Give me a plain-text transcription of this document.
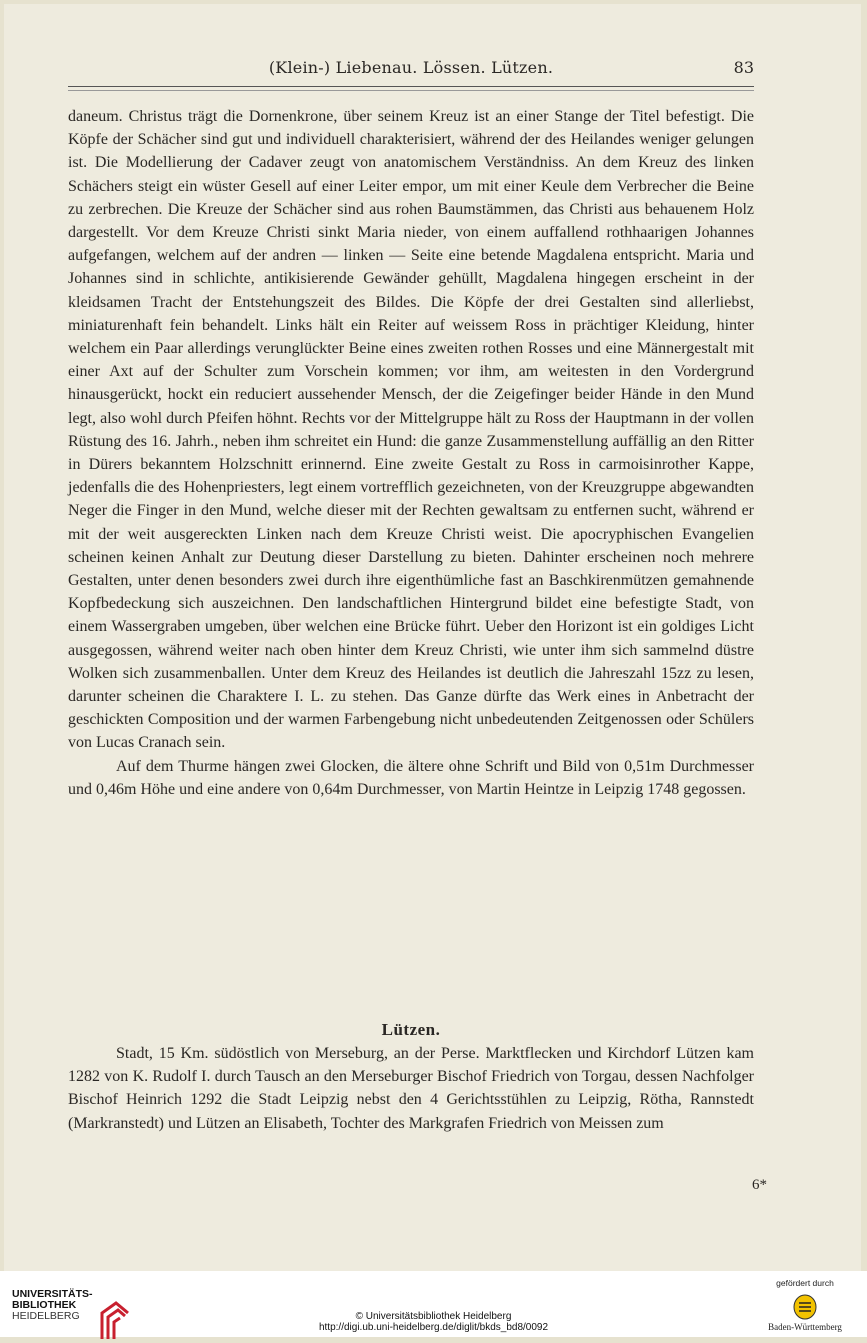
(Klein-) Liebenau. Lössen. Lützen.	83

daneum. Christus trägt die Dornenkrone, über seinem Kreuz ist an einer Stange der Titel befestigt. Die Köpfe der Schächer sind gut und individuell charakterisiert, während der des Heilandes weniger gelungen ist. Die Modellierung der Cadaver zeugt von anatomischem Verständniss. An dem Kreuz des linken Schächers steigt ein wüster Gesell auf einer Leiter empor, um mit einer Keule dem Verbrecher die Beine zu zerbrechen. Die Kreuze der Schächer sind aus rohen Baumstämmen, das Christi aus behauenem Holz dargestellt. Vor dem Kreuze Christi sinkt Maria nieder, von einem auffallend rothhaarigen Johannes aufgefangen, welchem auf der andren — linken — Seite eine betende Magdalena entspricht. Maria und Johannes sind in schlichte, antikisierende Gewänder gehüllt, Magdalena hingegen erscheint in der kleidsamen Tracht der Entstehungszeit des Bildes. Die Köpfe der drei Gestalten sind allerliebst, miniaturenhaft fein behandelt. Links hält ein Reiter auf weissem Ross in prächtiger Kleidung, hinter welchem ein Paar allerdings verunglückter Beine eines zweiten rothen Rosses und eine Männergestalt mit einer Axt auf der Schulter zum Vorschein kommen; vor ihm, am weitesten in den Vordergrund hinausgerückt, hockt ein reduciert aussehender Mensch, der die Zeigefinger beider Hände in den Mund legt, also wohl durch Pfeifen höhnt. Rechts vor der Mittelgruppe hält zu Ross der Hauptmann in der vollen Rüstung des 16. Jahrh., neben ihm schreitet ein Hund: die ganze Zusammenstellung auffällig an den Ritter in Dürers bekanntem Holzschnitt erinnernd. Eine zweite Gestalt zu Ross in carmoisinrother Kappe, jedenfalls die des Hohenpriesters, legt einem vortrefflich gezeichneten, von der Kreuzgruppe abgewandten Neger die Finger in den Mund, welche dieser mit der Rechten gewaltsam zu entfernen sucht, während er mit der weit ausgereckten Linken nach dem Kreuze Christi weist. Die apocryphischen Evangelien scheinen keinen Anhalt zur Deutung dieser Darstellung zu bieten. Dahinter erscheinen noch mehrere Gestalten, unter denen besonders zwei durch ihre eigenthümliche fast an Baschkirenmützen gemahnende Kopfbedeckung sich auszeichnen. Den landschaftlichen Hintergrund bildet eine befestigte Stadt, von einem Wassergraben umgeben, über welchen eine Brücke führt. Ueber den Horizont ist ein goldiges Licht ausgegossen, während weiter nach oben hinter dem Kreuz Christi, wie unter ihm sich sammelnd düstre Wolken sich zusammenballen. Unter dem Kreuz des Heilandes ist deutlich die Jahreszahl 15zz zu lesen, darunter scheinen die Charaktere I. L. zu stehen. Das Ganze dürfte das Werk eines in Anbetracht der geschickten Composition und der warmen Farbengebung nicht unbedeutenden Zeitgenossen oder Schülers von Lucas Cranach sein.

Auf dem Thurme hängen zwei Glocken, die ältere ohne Schrift und Bild von 0,51m Durchmesser und 0,46m Höhe und eine andere von 0,64m Durchmesser, von Martin Heintze in Leipzig 1748 gegossen.

Lützen.

Stadt, 15 Km. südöstlich von Merseburg, an der Perse. Marktflecken und Kirchdorf Lützen kam 1282 von K. Rudolf I. durch Tausch an den Merseburger Bischof Friedrich von Torgau, dessen Nachfolger Bischof Heinrich 1292 die Stadt Leipzig nebst den 4 Gerichtsstühlen zu Leipzig, Rötha, Rannstedt (Markranstedt) und Lützen an Elisabeth, Tochter des Markgrafen Friedrich von Meissen zum

6*
UNIVERSITÄTS-
BIBLIOTHEK
HEIDELBERG	© Universitätsbibliothek Heidelberg
http://digi.ub.uni-heidelberg.de/diglit/bkds_bd8/0092
gefördert durch
Baden-Württemberg
